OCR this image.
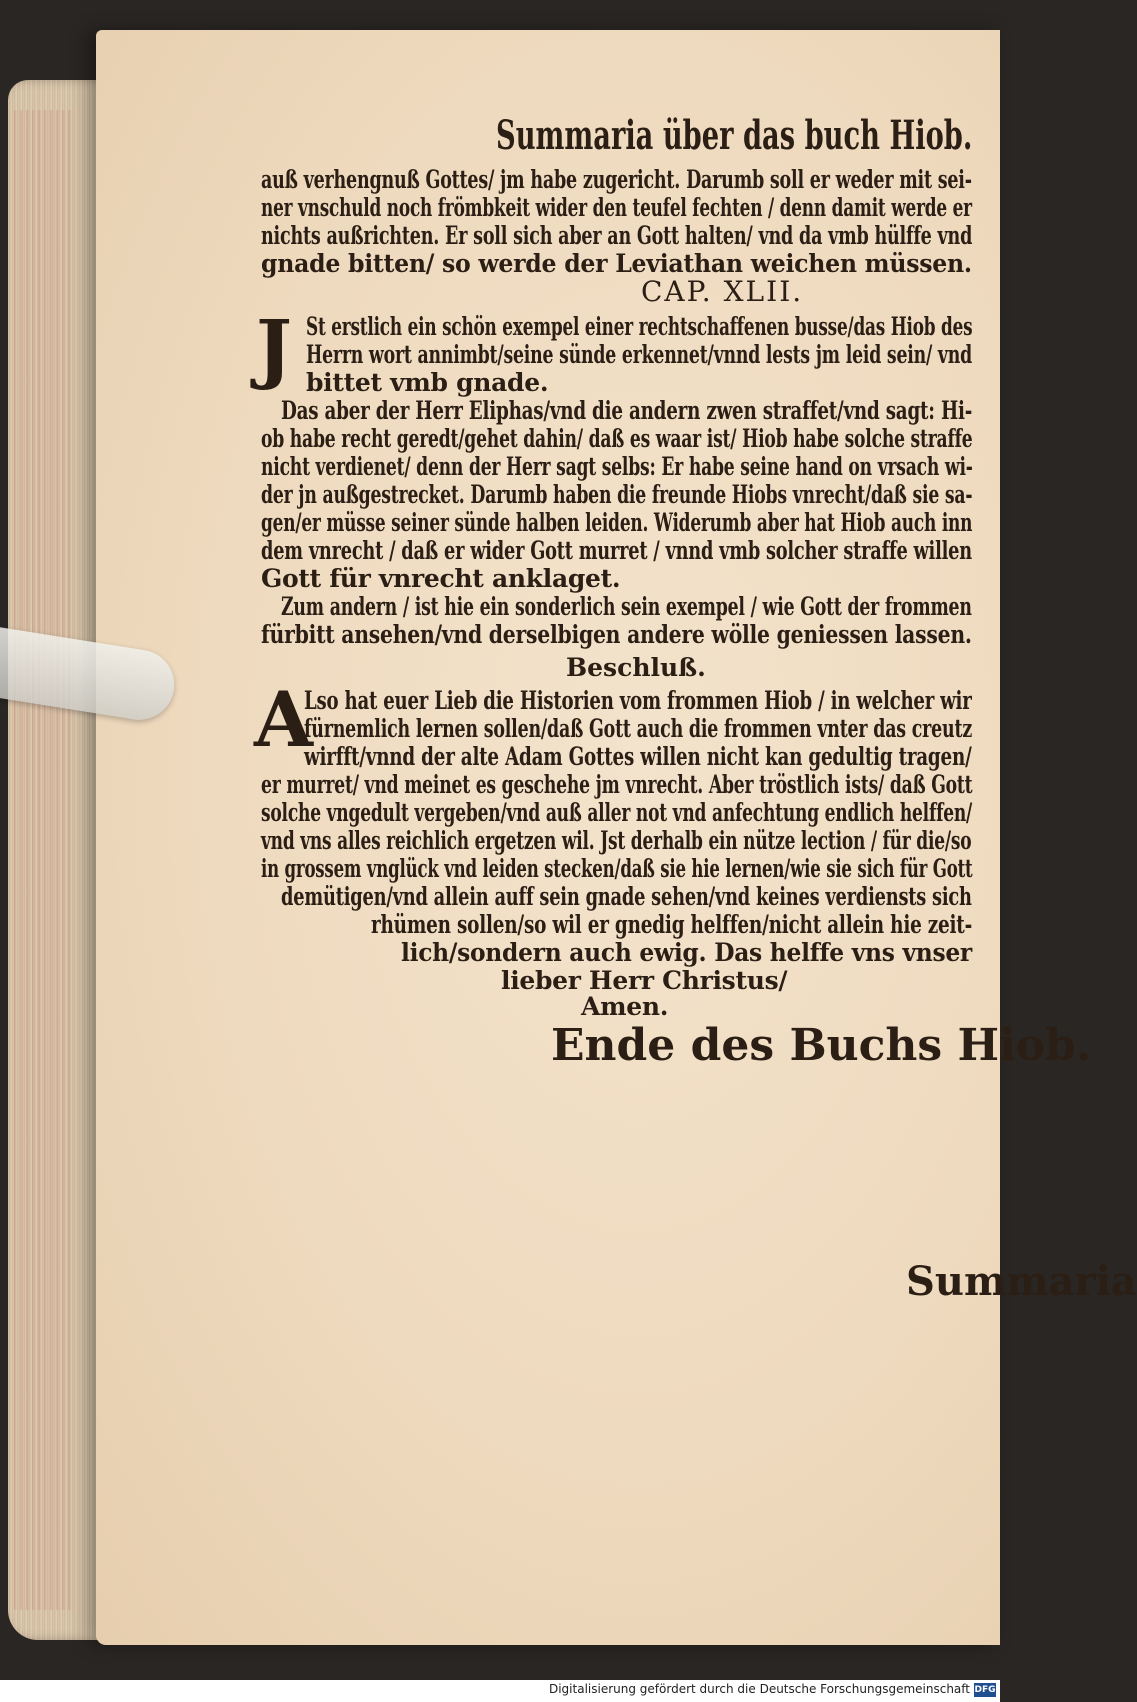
Summaria über das buch Hiob.
auß verhengnuß Gottes/ jm habe zugericht. Darumb soll er weder mit sei-
ner vnschuld noch frömbkeit wider den teufel fechten / denn damit werde er
nichts außrichten. Er soll sich aber an Gott halten/ vnd da vmb hülffe vnd
gnade bitten/ so werde der Leviathan weichen müssen.
CAP. XLII.
J St erstlich ein schön exempel einer rechtschaffenen busse/das Hiob des
Herrn wort annimbt/seine sünde erkennet/vnnd lests jm leid sein/ vnd
bittet vmb gnade.
Das aber der Herr Eliphas/vnd die andern zwen straffet/vnd sagt: Hi-
ob habe recht geredt/gehet dahin/ daß es waar ist/ Hiob habe solche straffe
nicht verdienet/ denn der Herr sagt selbs: Er habe seine hand on vrsach wi-
der jn außgestrecket. Darumb haben die freunde Hiobs vnrecht/daß sie sa-
gen/er müsse seiner sünde halben leiden. Widerumb aber hat Hiob auch inn
dem vnrecht / daß er wider Gott murret / vnnd vmb solcher straffe willen
Gott für vnrecht anklaget.
Zum andern / ist hie ein sonderlich sein exempel / wie Gott der frommen
fürbitt ansehen/vnd derselbigen andere wölle geniessen lassen.
Beschluß.
A
Lso hat euer Lieb die Historien vom frommen Hiob / in welcher wir
fürnemlich lernen sollen/daß Gott auch die frommen vnter das creutz
wirfft/vnnd der alte Adam Gottes willen nicht kan gedultig tragen/
er murret/ vnd meinet es geschehe jm vnrecht. Aber tröstlich ists/ daß Gott
solche vngedult vergeben/vnd auß aller not vnd anfechtung endlich helffen/
vnd vns alles reichlich ergetzen wil. Jst derhalb ein nütze lection / für die/so
in grossem vnglück vnd leiden stecken/daß sie hie lernen/wie sie sich für Gott
demütigen/vnd allein auff sein gnade sehen/vnd keines verdiensts sich
rhümen sollen/so wil er gnedig helffen/nicht allein hie zeit-
lich/sondern auch ewig. Das helffe vns vnser
lieber Herr Christus/
Amen.
Ende des Buchs Hiob.
Summaria
Digitalisierung gefördert durch die Deutsche Forschungsgemeinschaft DFG
